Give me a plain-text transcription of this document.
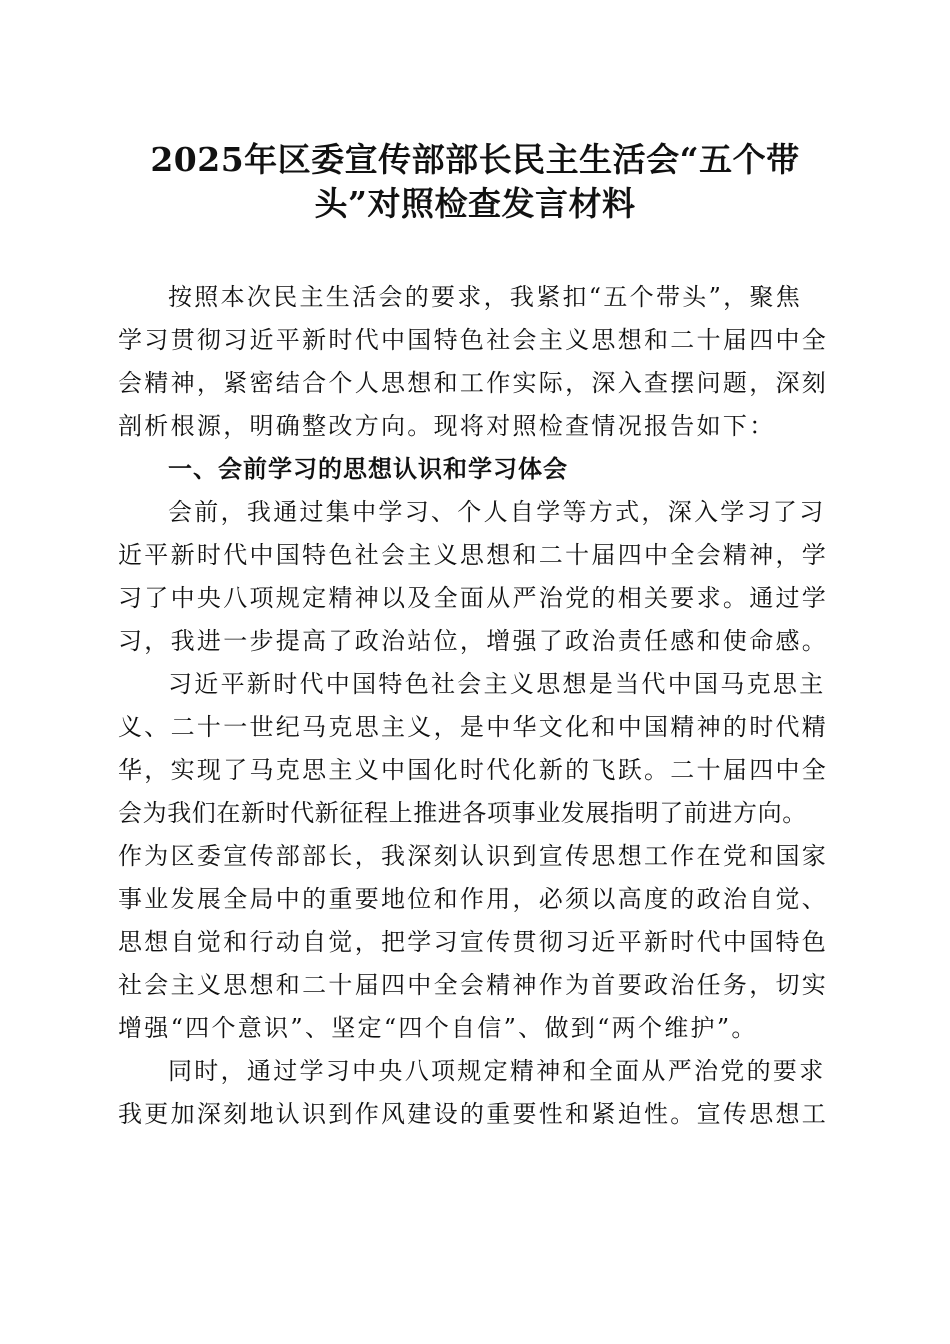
2025年区委宣传部部长民主生活会“五个带
头”对照检查发言材料
按照本次民主生活会的要求，我紧扣“五个带头”，聚焦
学习贯彻习近平新时代中国特色社会主义思想和二十届四中全
会精神，紧密结合个人思想和工作实际，深入查摆问题，深刻
剖析根源，明确整改方向。现将对照检查情况报告如下：
一、会前学习的思想认识和学习体会
会前，我通过集中学习、个人自学等方式，深入学习了习
近平新时代中国特色社会主义思想和二十届四中全会精神，学
习了中央八项规定精神以及全面从严治党的相关要求。通过学
习，我进一步提高了政治站位，增强了政治责任感和使命感。
习近平新时代中国特色社会主义思想是当代中国马克思主
义、二十一世纪马克思主义，是中华文化和中国精神的时代精
华，实现了马克思主义中国化时代化新的飞跃。二十届四中全
会为我们在新时代新征程上推进各项事业发展指明了前进方向。
作为区委宣传部部长，我深刻认识到宣传思想工作在党和国家
事业发展全局中的重要地位和作用，必须以高度的政治自觉、
思想自觉和行动自觉，把学习宣传贯彻习近平新时代中国特色
社会主义思想和二十届四中全会精神作为首要政治任务，切实
增强“四个意识”、坚定“四个自信”、做到“两个维护”。
同时，通过学习中央八项规定精神和全面从严治党的要求
我更加深刻地认识到作风建设的重要性和紧迫性。宣传思想工
